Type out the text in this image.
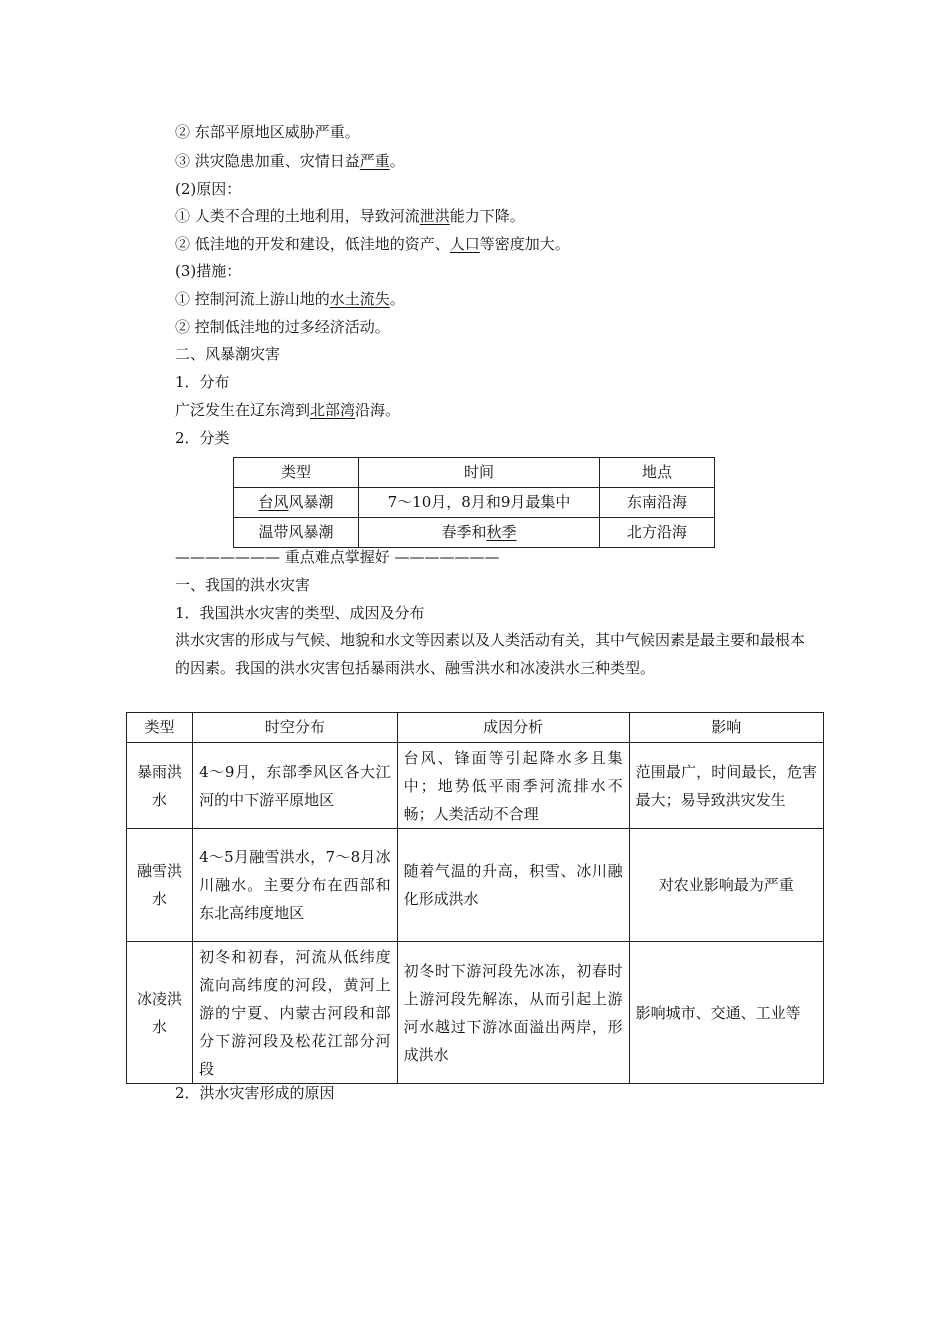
② 东部平原地区威胁严重。
③ 洪灾隐患加重、灾情日益严重。
(2)原因：
① 人类不合理的土地利用，导致河流泄洪能力下降。
② 低洼地的开发和建设，低洼地的资产、人口等密度加大。
(3)措施：
① 控制河流上游山地的水土流失。
② 控制低洼地的过多经济活动。
二、风暴潮灾害
1．分布
广泛发生在辽东湾到北部湾沿海。
2．分类
类型	时间	地点
台风风暴潮	7～10月，8月和9月最集中	东南沿海
温带风暴潮	春季和秋季	北方沿海
——————— 重点难点掌握好 ———————
一、我国的洪水灾害
1．我国洪水灾害的类型、成因及分布
洪水灾害的形成与气候、地貌和水文等因素以及人类活动有关，其中气候因素是最主要和最根本的因素。我国的洪水灾害包括暴雨洪水、融雪洪水和冰凌洪水三种类型。
类型	时空分布	成因分析	影响
暴雨洪水	4～9月，东部季风区各大江河的中下游平原地区	台风、锋面等引起降水多且集中；地势低平雨季河流排水不畅；人类活动不合理	范围最广，时间最长，危害最大；易导致洪灾发生
融雪洪水	4～5月融雪洪水，7～8月冰川融水。主要分布在西部和东北高纬度地区	随着气温的升高，积雪、冰川融化形成洪水	对农业影响最为严重
冰凌洪水	初冬和初春，河流从低纬度流向高纬度的河段，黄河上游的宁夏、内蒙古河段和部分下游河段及松花江部分河段	初冬时下游河段先冰冻，初春时上游河段先解冻，从而引起上游河水越过下游冰面溢出两岸，形成洪水	影响城市、交通、工业等
2．洪水灾害形成的原因
